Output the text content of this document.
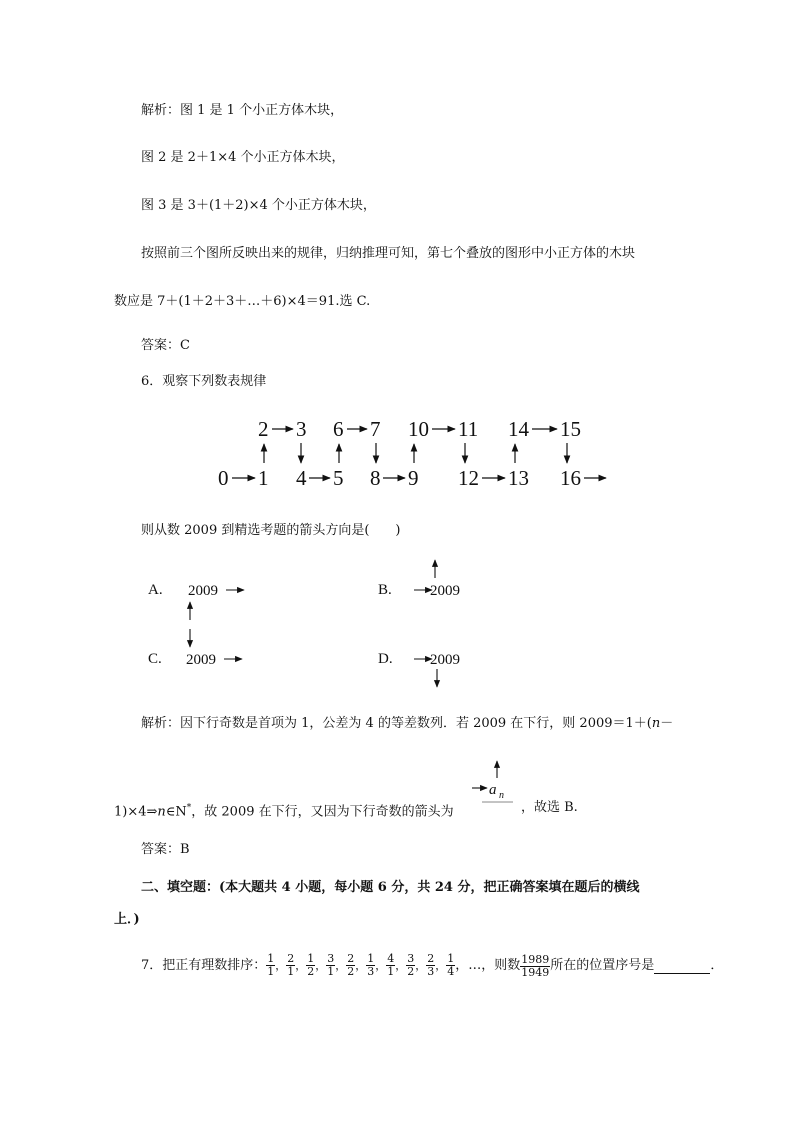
解析：图 1 是 1 个小正方体木块，
图 2 是 2＋1×4 个小正方体木块，
图 3 是 3＋(1＋2)×4 个小正方体木块，
按照前三个图所反映出来的规律，归纳推理可知，第七个叠放的图形中小正方体的木块
数应是 7＋(1＋2＋3＋…＋6)×4＝91.选 C.
答案：C
6．观察下列数表规律
2 3 6 7 10 11 14 15
0 1 4 5 8 9 12 13 16
则从数 2009 到精选考题的箭头方向是(　　)
A. 2009	B.	2009
C. 2009	D. 2009
解析：因下行奇数是首项为 1，公差为 4 的等差数列．若 2009 在下行，则 2009＝1＋(n－
1)×4⇒n∈N*，故 2009 在下行，又因为下行奇数的箭头为
a n
，故选 B.
答案：B
二、填空题：(本大题共 4 小题，每小题 6 分，共 24 分，把正确答案填在题后的横线
上．)
7．把正有理数排序： $\frac{1}{1}$ ， $\frac{2}{1}$ ， $\frac{1}{2}$ ， $\frac{3}{1}$ ， $\frac{2}{2}$ ， $\frac{1}{3}$ ， $\frac{4}{1}$ ， $\frac{3}{2}$ ， $\frac{2}{3}$ ， $\frac{1}{4}$ ，…，则数 $\frac{1989}{1949}$ 所在的位置序号是	．
